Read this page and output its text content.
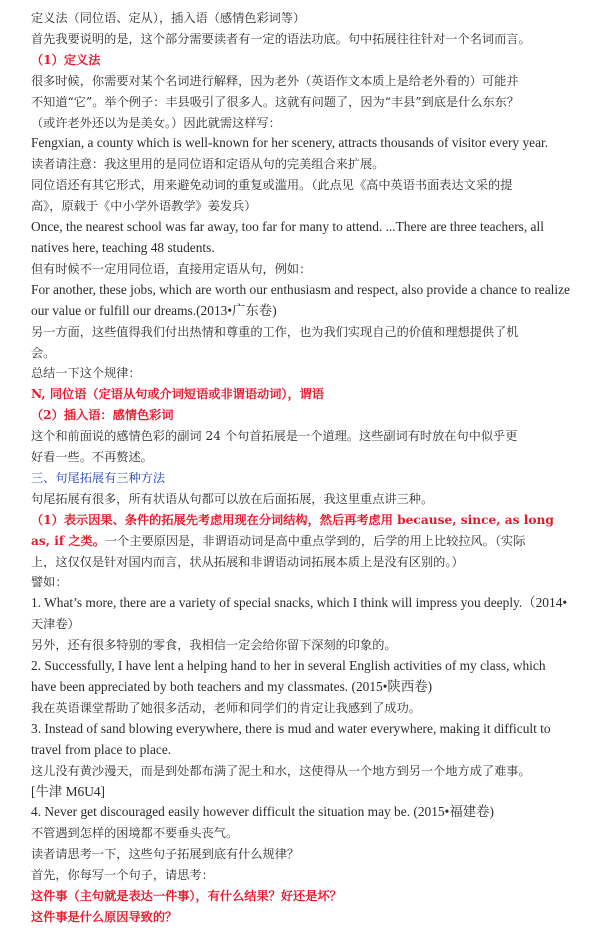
定义法（同位语、定从），插入语（感情色彩词等）
首先我要说明的是，这个部分需要读者有一定的语法功底。句中拓展往往针对一个名词而言。
（1）定义法
很多时候，你需要对某个名词进行解释，因为老外（英语作文本质上是给老外看的）可能并
不知道“它”。举个例子：丰县吸引了很多人。这就有问题了，因为“丰县”到底是什么东东？
（或许老外还以为是美女。）因此就需这样写：
Fengxian, a county which is well-known for her scenery, attracts thousands of visitor every year.
读者请注意：我这里用的是同位语和定语从句的完美组合来扩展。
同位语还有其它形式，用来避免动词的重复或滥用。（此点见《高中英语书面表达文采的提
高》，原载于《中小学外语教学》姜发兵）
Once, the nearest school was far away, too far for many to attend. ...There are three teachers, all
natives here, teaching 48 students.
但有时候不一定用同位语，直接用定语从句，例如：
For another, these jobs, which are worth our enthusiasm and respect, also provide a chance to realize
our value or fulfill our dreams.(2013•广东卷)
另一方面，这些值得我们付出热情和尊重的工作，也为我们实现自己的价值和理想提供了机
会。
总结一下这个规律：
N, 同位语（定语从句或介词短语或非谓语动词），谓语
（2）插入语：感情色彩词
这个和前面说的感情色彩的副词 24 个句首拓展是一个道理。这些副词有时放在句中似乎更
好看一些。不再赘述。
三、句尾拓展有三种方法
句尾拓展有很多，所有状语从句都可以放在后面拓展，我这里重点讲三种。
（1）表示因果、条件的拓展先考虑用现在分词结构，然后再考虑用 because, since, as long
as, if 之类。一个主要原因是，非谓语动词是高中重点学到的，后学的用上比较拉风。（实际
上，这仅仅是针对国内而言，状从拓展和非谓语动词拓展本质上是没有区别的。）
譬如：
1. What’s more, there are a variety of special snacks, which I think will impress you deeply.（2014•
天津卷）
另外，还有很多特别的零食，我相信一定会给你留下深刻的印象的。
2. Successfully, I have lent a helping hand to her in several English activities of my class, which
have been appreciated by both teachers and my classmates. (2015•陕西卷)
我在英语课堂帮助了她很多活动，老师和同学们的肯定让我感到了成功。
3. Instead of sand blowing everywhere, there is mud and water everywhere, making it difficult to
travel from place to place.
这儿没有黄沙漫天，而是到处都布满了泥土和水，这使得从一个地方到另一个地方成了难事。
[牛津 M6U4]
4. Never get discouraged easily however difficult the situation may be. (2015•福建卷)
不管遇到怎样的困境都不要垂头丧气。
读者请思考一下，这些句子拓展到底有什么规律？
首先，你每写一个句子，请思考：
这件事（主句就是表达一件事），有什么结果？好还是坏？
这件事是什么原因导致的？
